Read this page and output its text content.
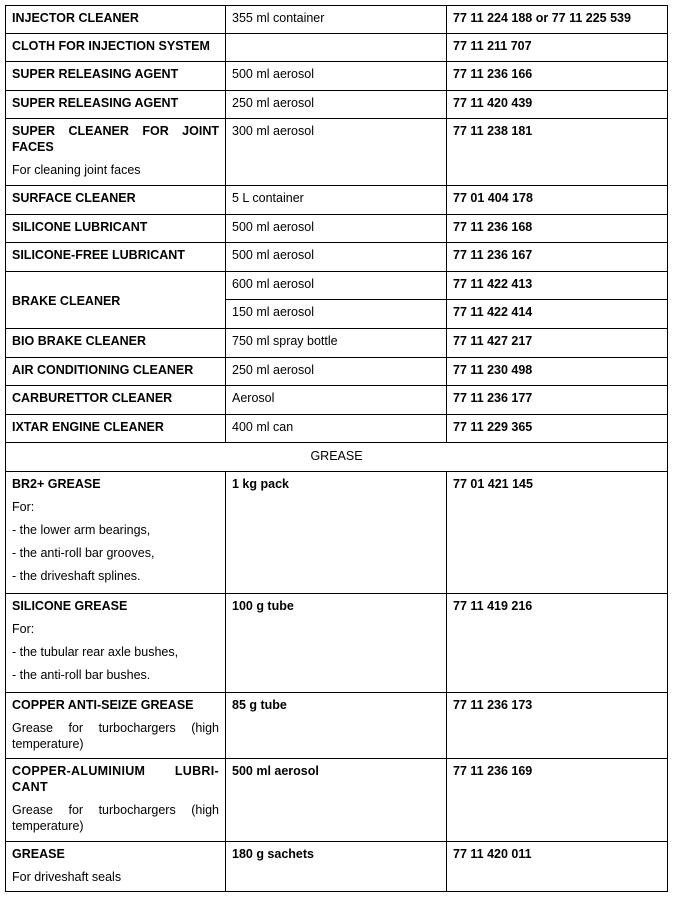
INJECTOR CLEANER	355 ml container	77 11 224 188 or 77 11 225 539

CLOTH FOR INJECTION SYSTEM		77 11 211 707

SUPER RELEASING AGENT	500 ml aerosol	77 11 236 166

SUPER RELEASING AGENT	250 ml aerosol	77 11 420 439

SUPER CLEANER FOR JOINT FACES
For cleaning joint faces	300 ml aerosol	77 11 238 181

SURFACE CLEANER	5 L container	77 01 404 178

SILICONE LUBRICANT	500 ml aerosol	77 11 236 168

SILICONE-FREE LUBRICANT	500 ml aerosol	77 11 236 167

BRAKE CLEANER	600 ml aerosol	77 11 422 413
	150 ml aerosol	77 11 422 414

BIO BRAKE CLEANER	750 ml spray bottle	77 11 427 217

AIR CONDITIONING CLEANER	250 ml aerosol	77 11 230 498

CARBURETTOR CLEANER	Aerosol	77 11 236 177

IXTAR ENGINE CLEANER	400 ml can	77 11 229 365
GREASE		

BR2+ GREASE
For:
- the lower arm bearings,
- the anti-roll bar grooves,
- the driveshaft splines.	1 kg pack	77 01 421 145

SILICONE GREASE
For:
- the tubular rear axle bushes,
- the anti-roll bar bushes.	100 g tube	77 11 419 216

COPPER ANTI-SEIZE GREASE
Grease for turbochargers (high temperature)	85 g tube	77 11 236 173

COPPER-ALUMINIUM LUBRI-CANT
Grease for turbochargers (high temperature)	500 ml aerosol	77 11 236 169

GREASE
For driveshaft seals	180 g sachets	77 11 420 011
